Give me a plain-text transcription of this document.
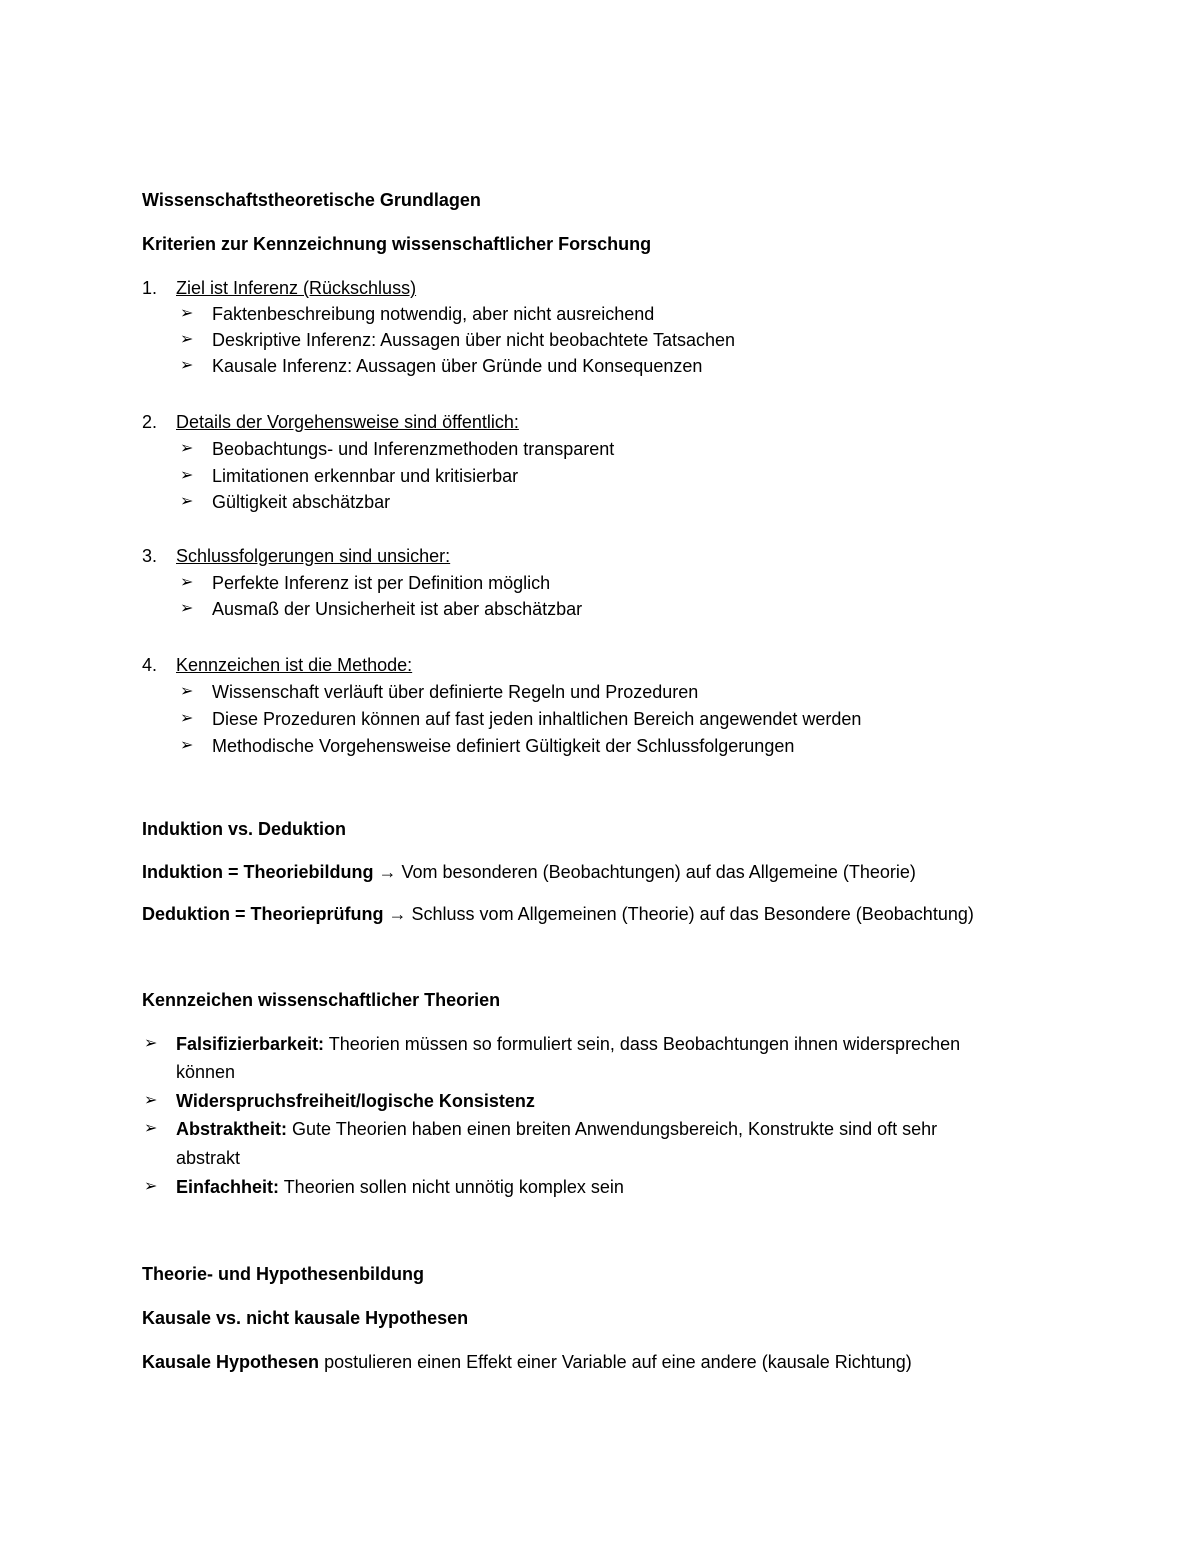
Wissenschaftstheoretische Grundlagen
Kriterien zur Kennzeichnung wissenschaftlicher Forschung
1. Ziel ist Inferenz (Rückschluss)
➢ Faktenbeschreibung notwendig, aber nicht ausreichend
➢ Deskriptive Inferenz: Aussagen über nicht beobachtete Tatsachen
➢ Kausale Inferenz: Aussagen über Gründe und Konsequenzen
2. Details der Vorgehensweise sind öffentlich:
➢ Beobachtungs- und Inferenzmethoden transparent
➢ Limitationen erkennbar und kritisierbar
➢ Gültigkeit abschätzbar
3. Schlussfolgerungen sind unsicher:
➢ Perfekte Inferenz ist per Definition möglich
➢ Ausmaß der Unsicherheit ist aber abschätzbar
4. Kennzeichen ist die Methode:
➢ Wissenschaft verläuft über definierte Regeln und Prozeduren
➢ Diese Prozeduren können auf fast jeden inhaltlichen Bereich angewendet werden
➢ Methodische Vorgehensweise definiert Gültigkeit der Schlussfolgerungen
Induktion vs. Deduktion
Induktion = Theoriebildung → Vom besonderen (Beobachtungen) auf das Allgemeine (Theorie)
Deduktion = Theorieprüfung → Schluss vom Allgemeinen (Theorie) auf das Besondere (Beobachtung)
Kennzeichen wissenschaftlicher Theorien
➢ Falsifizierbarkeit: Theorien müssen so formuliert sein, dass Beobachtungen ihnen widersprechen
können
➢ Widerspruchsfreiheit/logische Konsistenz
➢ Abstraktheit: Gute Theorien haben einen breiten Anwendungsbereich, Konstrukte sind oft sehr
abstrakt
➢ Einfachheit: Theorien sollen nicht unnötig komplex sein
Theorie- und Hypothesenbildung
Kausale vs. nicht kausale Hypothesen
Kausale Hypothesen postulieren einen Effekt einer Variable auf eine andere (kausale Richtung)
